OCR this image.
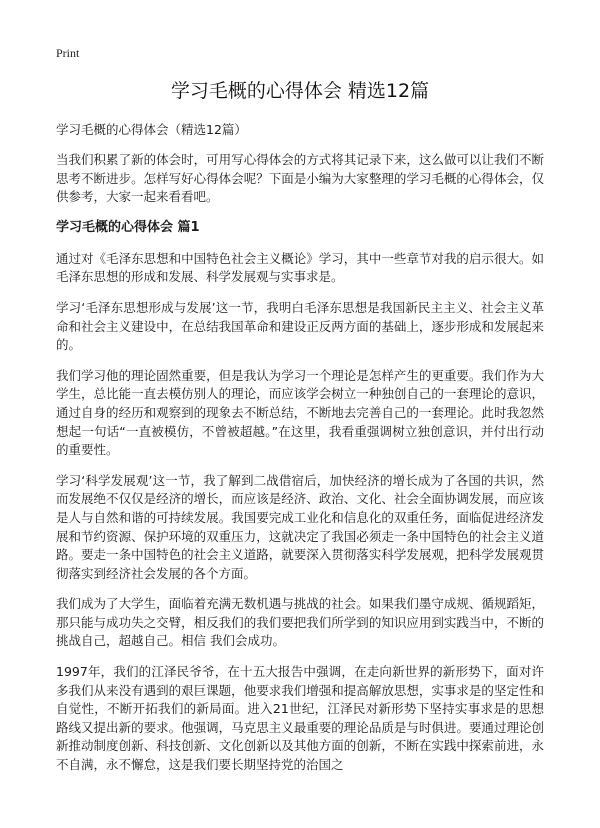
Print
学习毛概的心得体会 精选12篇
学习毛概的心得体会（精选12篇）

当我们积累了新的体会时，可用写心得体会的方式将其记录下来，这么做可以让我们不断思考不断进步。怎样写好心得体会呢？下面是小编为大家整理的学习毛概的心得体会，仅供参考，大家一起来看看吧。

学习毛概的心得体会 篇1

通过对《毛泽东思想和中国特色社会主义概论》学习，其中一些章节对我的启示很大。如毛泽东思想的形成和发展、科学发展观与实事求是。

学习‘毛泽东思想形成与发展’这一节，我明白毛泽东思想是我国新民主主义、社会主义革命和社会主义建设中，在总结我国革命和建设正反两方面的基础上，逐步形成和发展起来的。

我们学习他的理论固然重要，但是我认为学习一个理论是怎样产生的更重要。我们作为大学生，总比能一直去模仿别人的理论，而应该学会树立一种独创自己的一套理论的意识，通过自身的经历和观察到的现象去不断总结，不断地去完善自己的一套理论。此时我忽然想起一句话“一直被模仿，不曾被超越。”在这里，我看重强调树立独创意识，并付出行动的重要性。

学习‘科学发展观’这一节，我了解到二战借宿后，加快经济的增长成为了各国的共识，然而发展绝不仅仅是经济的增长，而应该是经济、政治、文化、社会全面协调发展，而应该是人与自然和谐的可持续发展。我国要完成工业化和信息化的双重任务，面临促进经济发展和节约资源、保护环境的双重压力，这就决定了我国必须走一条中国特色的社会主义道路。要走一条中国特色的社会主义道路，就要深入贯彻落实科学发展观，把科学发展观贯彻落实到经济社会发展的各个方面。

我们成为了大学生，面临着充满无数机遇与挑战的社会。如果我们墨守成规、循规蹈矩，那只能与成功失之交臂，相反我们的我们要把我们所学到的知识应用到实践当中，不断的挑战自己，超越自己。相信 我们会成功。

1997年，我们的江泽民爷爷，在十五大报告中强调，在走向新世界的新形势下，面对许多我们从来没有遇到的艰巨课题，他要求我们增强和提高解放思想，实事求是的坚定性和自觉性，不断开拓我们的新局面。进入21世纪，江泽民对新形势下坚持实事求是的思想路线又提出新的要求。他强调，马克思主义最重要的理论品质是与时俱进。要通过理论创新推动制度创新、科技创新、文化创新以及其他方面的创新，不断在实践中探索前进，永不自满，永不懈怠，这是我们要长期坚持党的治国之
